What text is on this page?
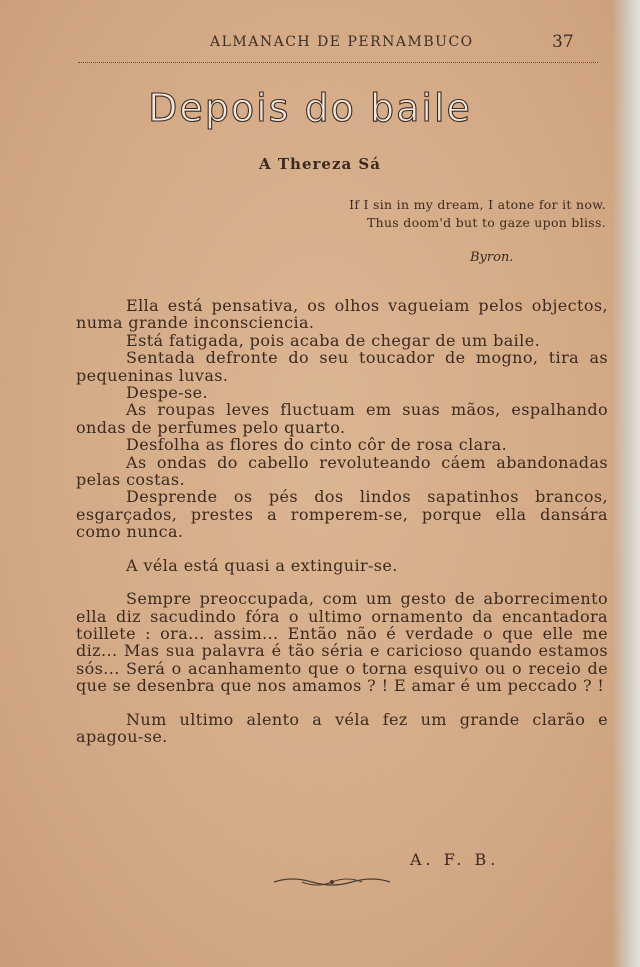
ALMANACH DE PERNAMBUCO	37
Depois do baile
A Thereza Sá
If I sin in my dream, I atone for it now.
Thus doom'd but to gaze upon bliss.
Byron.

Ella está pensativa, os olhos vagueiam pelos objectos, numa grande inconsciencia.

Está fatigada, pois acaba de chegar de um baile.

Sentada defronte do seu toucador de mogno, tira as pequeninas luvas.

Despe-se.

As roupas leves fluctuam em suas mãos, espalhando ondas de perfumes pelo quarto.

Desfolha as flores do cinto côr de rosa clara.

As ondas do cabello revoluteando cáem abandonadas pelas costas.

Desprende os pés dos lindos sapatinhos brancos, esgarçados, prestes a romperem-se, porque ella dansára como nunca.

A véla está quasi a extinguir-se.

Sempre preoccupada, com um gesto de aborrecimento ella diz sacudindo fóra o ultimo ornamento da encantadora toillete : ora... assim... Então não é verdade o que elle me diz... Mas sua palavra é tão séria e caricioso quando estamos sós... Será o acanhamento que o torna esquivo ou o receio de que se desenbra que nos amamos ? ! E amar é um peccado ? !

Num ultimo alento a véla fez um grande clarão e apagou-se.

A. F. B.
